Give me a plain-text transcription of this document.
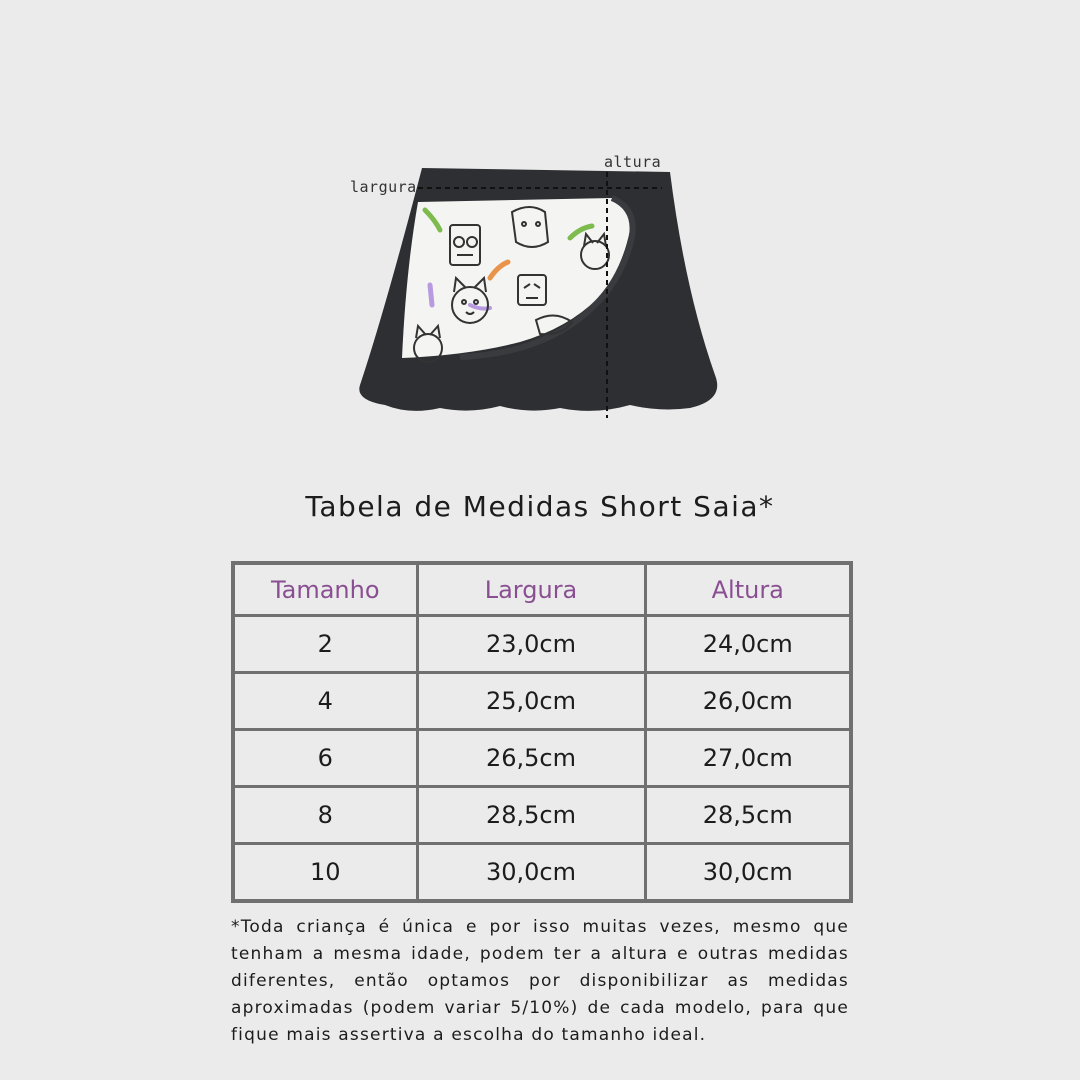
largura
altura
Tabela de Medidas Short Saia*
Tamanho	Largura	Altura
2	23,0cm	24,0cm
4	25,0cm	26,0cm
6	26,5cm	27,0cm
8	28,5cm	28,5cm
10	30,0cm	30,0cm

*Toda criança é única e por isso muitas vezes, mesmo que tenham a mesma idade, podem ter a altura e outras medidas diferentes, então optamos por disponibilizar as medidas aproximadas (podem variar 5/10%) de cada modelo, para que fique mais assertiva a escolha do tamanho ideal.
